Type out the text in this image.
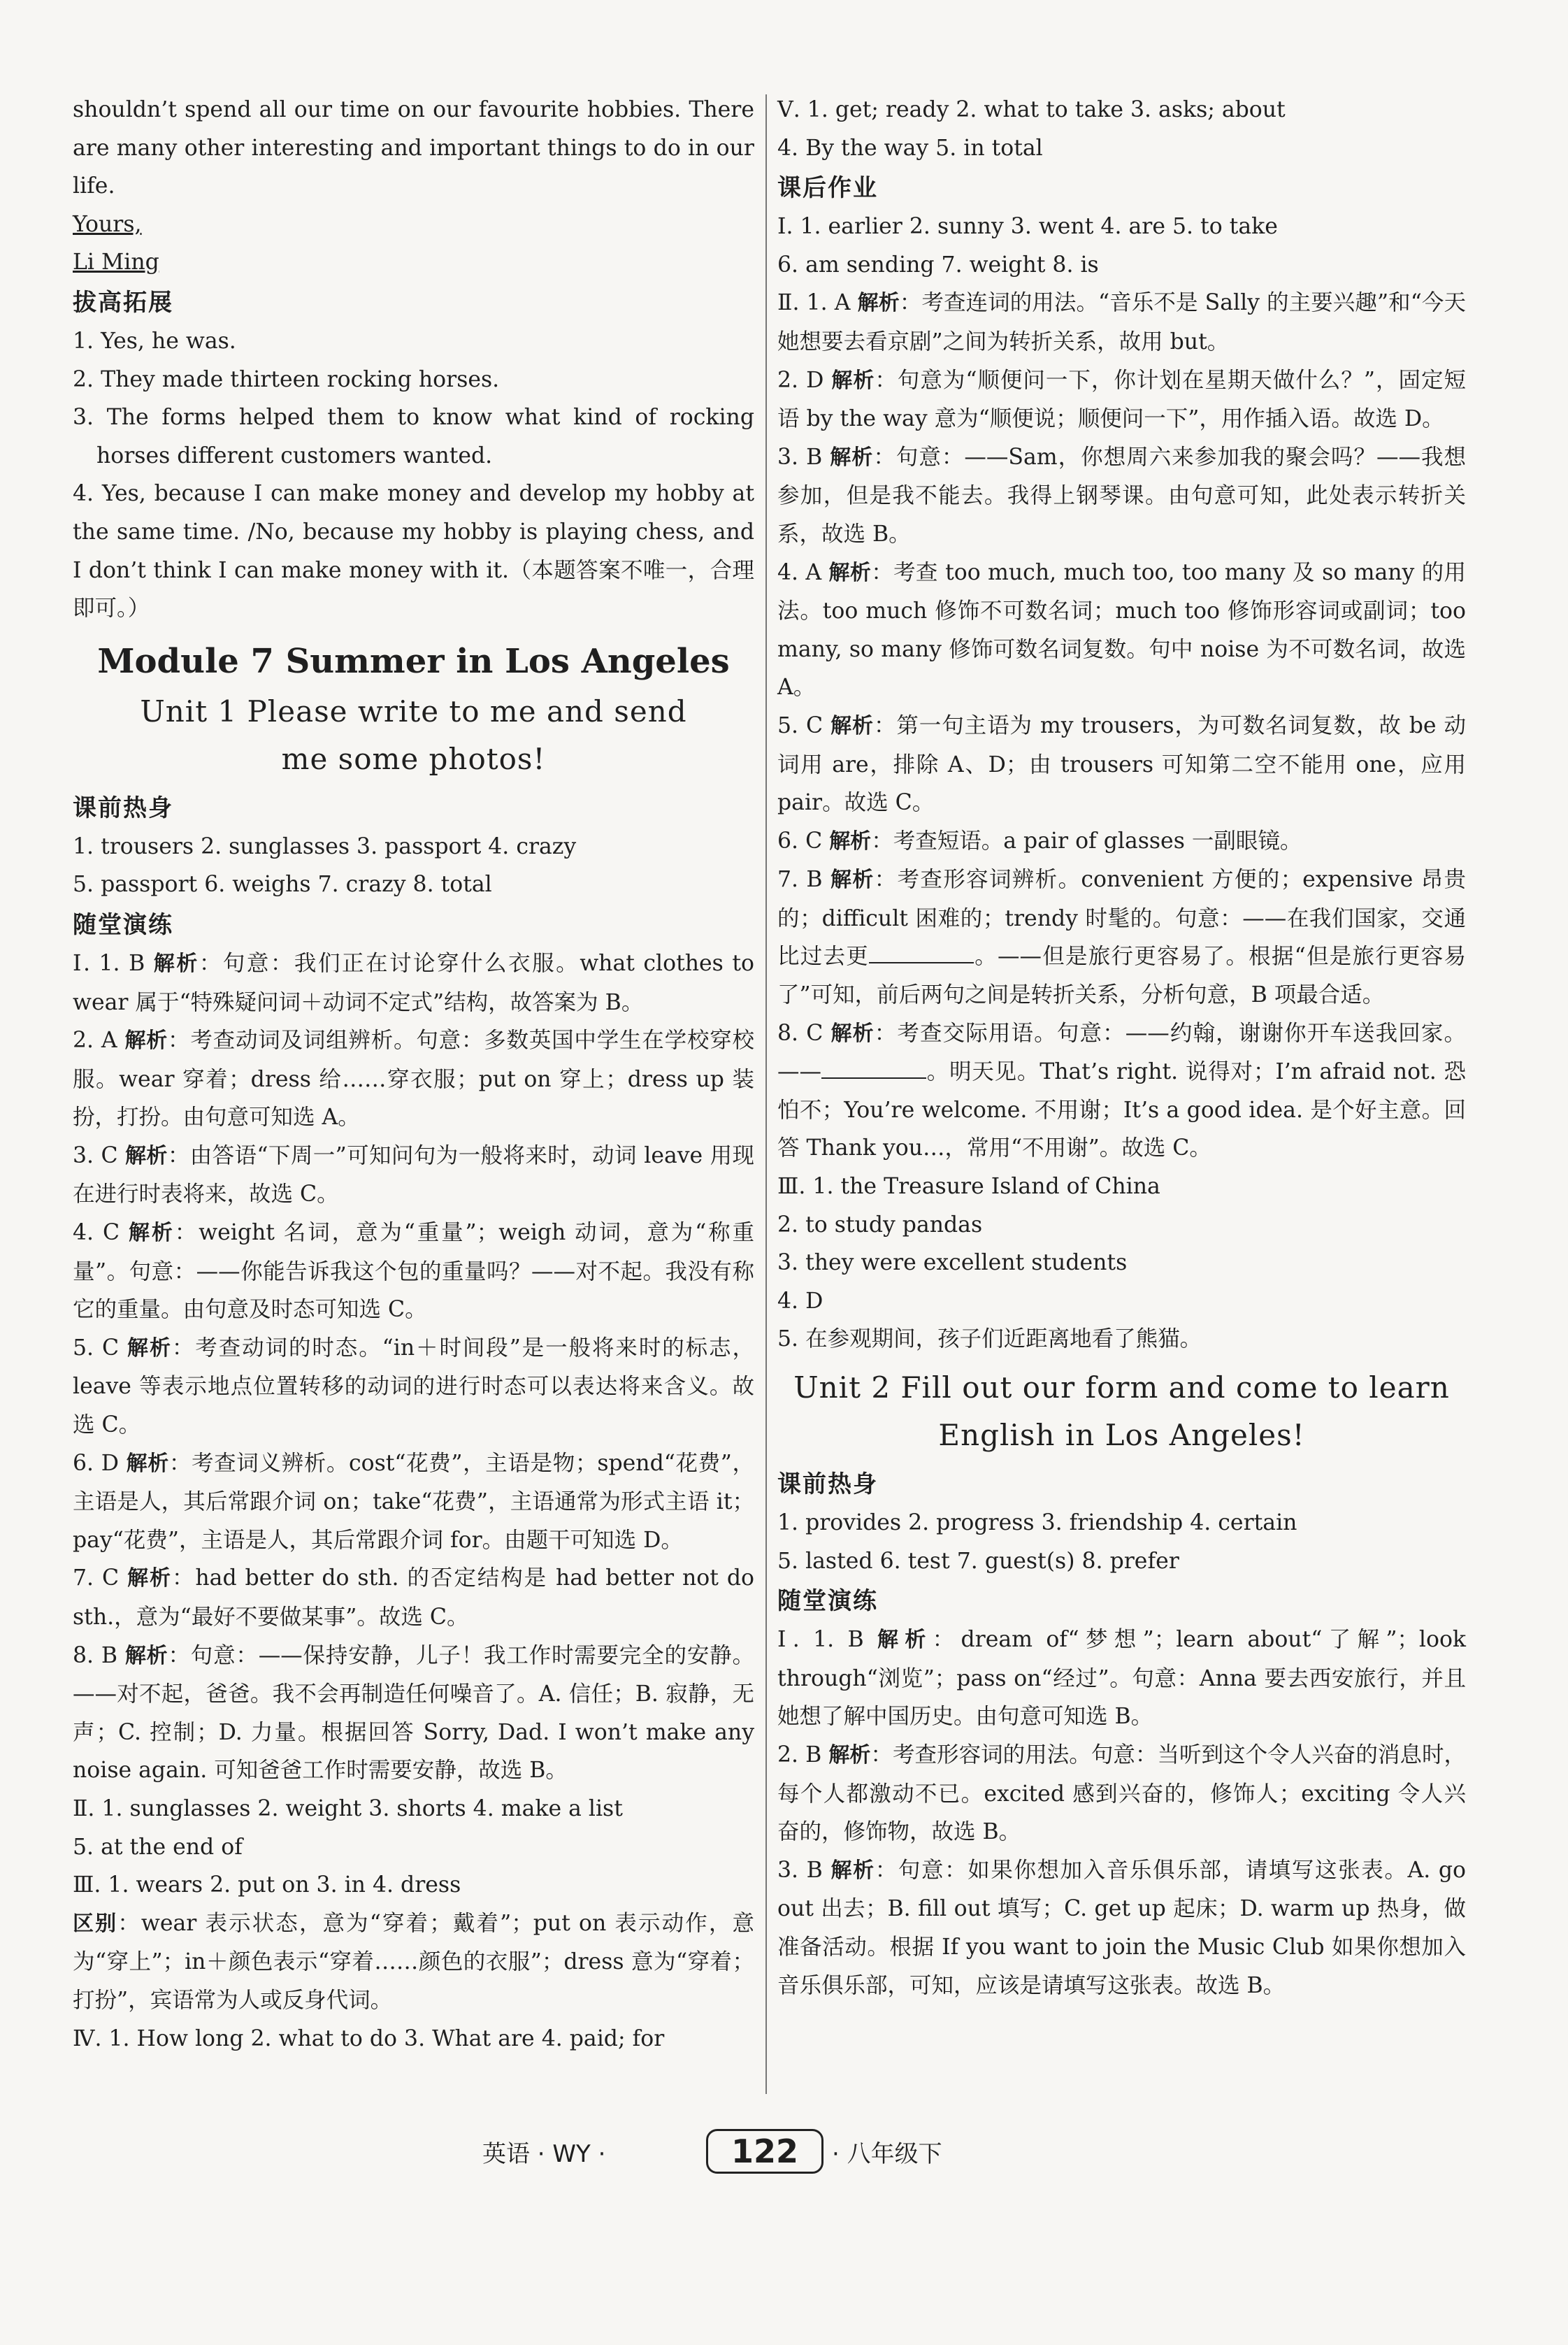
shouldn’t spend all our time on our favourite hobbies. There are many other interesting and important things to do in our life.

Yours,

Li Ming

拔高拓展

1. Yes, he was.

2. They made thirteen rocking horses.

3. The forms helped them to know what kind of rocking horses different customers wanted.

4. Yes, because I can make money and develop my hobby at the same time. /No, because my hobby is playing chess, and I don’t think I can make money with it.（本题答案不唯一，合理即可。）

Module 7 Summer in Los Angeles

Unit 1 Please write to me and send

me some photos!

课前热身

1. trousers 2. sunglasses 3. passport 4. crazy

5. passport 6. weighs 7. crazy 8. total

随堂演练

Ⅰ. 1. B 解析：句意：我们正在讨论穿什么衣服。what clothes to wear 属于“特殊疑问词＋动词不定式”结构，故答案为 B。

2. A 解析：考查动词及词组辨析。句意：多数英国中学生在学校穿校服。wear 穿着；dress 给……穿衣服；put on 穿上；dress up 装扮，打扮。由句意可知选 A。

3. C 解析：由答语“下周一”可知问句为一般将来时，动词 leave 用现在进行时表将来，故选 C。

4. C 解析：weight 名词，意为“重量”；weigh 动词，意为“称重量”。句意：——你能告诉我这个包的重量吗？——对不起。我没有称它的重量。由句意及时态可知选 C。

5. C 解析：考查动词的时态。“in＋时间段”是一般将来时的标志，leave 等表示地点位置转移的动词的进行时态可以表达将来含义。故选 C。

6. D 解析：考查词义辨析。cost“花费”，主语是物；spend“花费”，主语是人，其后常跟介词 on；take“花费”，主语通常为形式主语 it；pay“花费”，主语是人，其后常跟介词 for。由题干可知选 D。

7. C 解析：had better do sth. 的否定结构是 had better not do sth.，意为“最好不要做某事”。故选 C。

8. B 解析：句意：——保持安静，儿子！我工作时需要完全的安静。——对不起，爸爸。我不会再制造任何噪音了。A. 信任；B. 寂静，无声；C. 控制；D. 力量。根据回答 Sorry, Dad. I won’t make any noise again. 可知爸爸工作时需要安静，故选 B。

Ⅱ. 1. sunglasses 2. weight 3. shorts 4. make a list

5. at the end of

Ⅲ. 1. wears 2. put on 3. in 4. dress

区别：wear 表示状态，意为“穿着；戴着”；put on 表示动作，意为“穿上”；in＋颜色表示“穿着……颜色的衣服”；dress 意为“穿着；打扮”，宾语常为人或反身代词。

Ⅳ. 1. How long 2. what to do 3. What are 4. paid; for

Ⅴ. 1. get; ready 2. what to take 3. asks; about

4. By the way 5. in total

课后作业

Ⅰ. 1. earlier 2. sunny 3. went 4. are 5. to take

6. am sending 7. weight 8. is

Ⅱ. 1. A 解析：考查连词的用法。“音乐不是 Sally 的主要兴趣”和“今天她想要去看京剧”之间为转折关系，故用 but。

2. D 解析：句意为“顺便问一下，你计划在星期天做什么？”，固定短语 by the way 意为“顺便说；顺便问一下”，用作插入语。故选 D。

3. B 解析：句意：——Sam，你想周六来参加我的聚会吗？——我想参加，但是我不能去。我得上钢琴课。由句意可知，此处表示转折关系，故选 B。

4. A 解析：考查 too much, much too, too many 及 so many 的用法。too much 修饰不可数名词；much too 修饰形容词或副词；too many, so many 修饰可数名词复数。句中 noise 为不可数名词，故选 A。

5. C 解析：第一句主语为 my trousers，为可数名词复数，故 be 动词用 are，排除 A、D；由 trousers 可知第二空不能用 one，应用 pair。故选 C。

6. C 解析：考查短语。a pair of glasses 一副眼镜。

7. B 解析：考查形容词辨析。convenient 方便的；expensive 昂贵的；difficult 困难的；trendy 时髦的。句意：——在我们国家，交通比过去更	。——但是旅行更容易了。根据“但是旅行更容易了”可知，前后两句之间是转折关系，分析句意，B 项最合适。

8. C 解析：考查交际用语。句意：——约翰，谢谢你开车送我回家。——	。明天见。That’s right. 说得对；I’m afraid not. 恐怕不；You’re welcome. 不用谢；It’s a good idea. 是个好主意。回答 Thank you…，常用“不用谢”。故选 C。

Ⅲ. 1. the Treasure Island of China

2. to study pandas

3. they were excellent students

4. D

5. 在参观期间，孩子们近距离地看了熊猫。

Unit 2 Fill out our form and come to learn

English in Los Angeles!

课前热身

1. provides 2. progress 3. friendship 4. certain

5. lasted 6. test 7. guest(s) 8. prefer

随堂演练

Ⅰ. 1. B 解析：dream of“梦想”；learn about“了解”；look through“浏览”；pass on“经过”。句意：Anna 要去西安旅行，并且她想了解中国历史。由句意可知选 B。

2. B 解析：考查形容词的用法。句意：当听到这个令人兴奋的消息时，每个人都激动不已。excited 感到兴奋的，修饰人；exciting 令人兴奋的，修饰物，故选 B。

3. B 解析：句意：如果你想加入音乐俱乐部，请填写这张表。A. go out 出去；B. fill out 填写；C. get up 起床；D. warm up 热身，做准备活动。根据 If you want to join the Music Club 如果你想加入音乐俱乐部，可知，应该是请填写这张表。故选 B。

英语 · WY ·	122	· 八年级下
